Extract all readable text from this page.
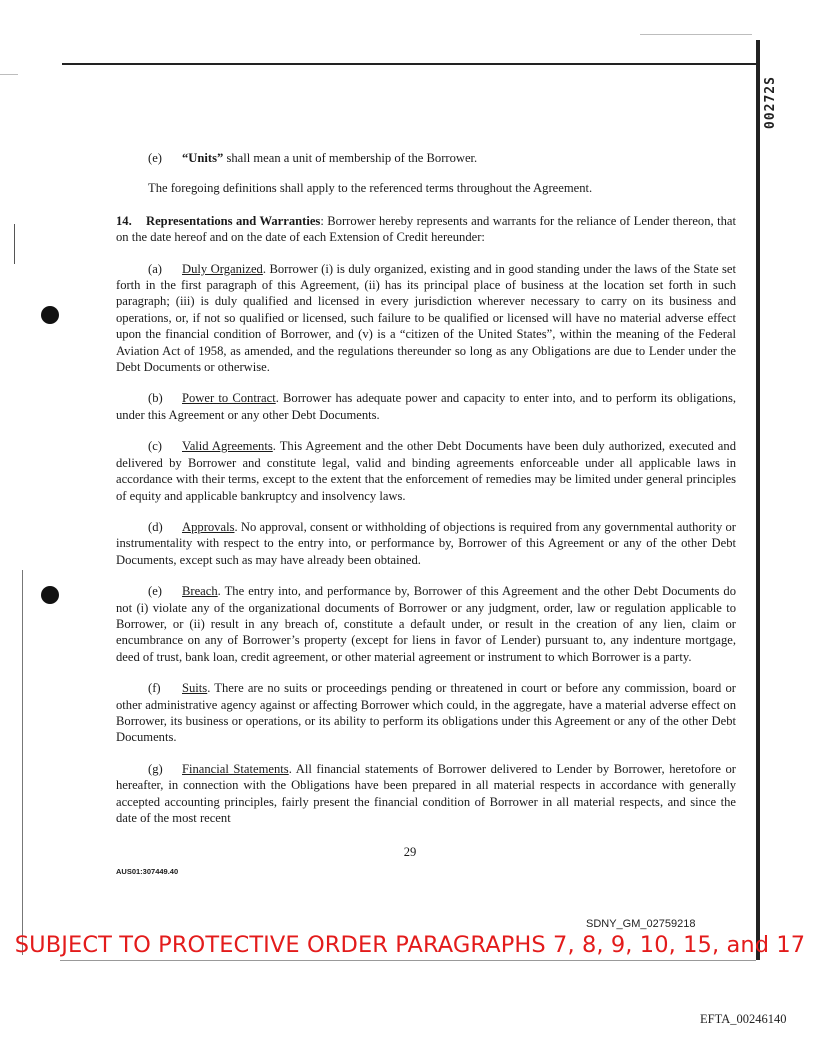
00272S

(e) “Units” shall mean a unit of membership of the Borrower.

The foregoing definitions shall apply to the referenced terms throughout the Agreement.

14. Representations and Warranties: Borrower hereby represents and warrants for the reliance of Lender thereon, that on the date hereof and on the date of each Extension of Credit hereunder:

(a) Duly Organized. Borrower (i) is duly organized, existing and in good standing under the laws of the State set forth in the first paragraph of this Agreement, (ii) has its principal place of business at the location set forth in such paragraph; (iii) is duly qualified and licensed in every jurisdiction wherever necessary to carry on its business and operations, or, if not so qualified or licensed, such failure to be qualified or licensed will have no material adverse effect upon the financial condition of Borrower, and (v) is a “citizen of the United States”, within the meaning of the Federal Aviation Act of 1958, as amended, and the regulations thereunder so long as any Obligations are due to Lender under the Debt Documents or otherwise.

(b) Power to Contract. Borrower has adequate power and capacity to enter into, and to perform its obligations, under this Agreement or any other Debt Documents.

(c) Valid Agreements. This Agreement and the other Debt Documents have been duly authorized, executed and delivered by Borrower and constitute legal, valid and binding agreements enforceable under all applicable laws in accordance with their terms, except to the extent that the enforcement of remedies may be limited under general principles of equity and applicable bankruptcy and insolvency laws.

(d) Approvals. No approval, consent or withholding of objections is required from any governmental authority or instrumentality with respect to the entry into, or performance by, Borrower of this Agreement or any of the other Debt Documents, except such as may have already been obtained.

(e) Breach. The entry into, and performance by, Borrower of this Agreement and the other Debt Documents do not (i) violate any of the organizational documents of Borrower or any judgment, order, law or regulation applicable to Borrower, or (ii) result in any breach of, constitute a default under, or result in the creation of any lien, claim or encumbrance on any of Borrower’s property (except for liens in favor of Lender) pursuant to, any indenture mortgage, deed of trust, bank loan, credit agreement, or other material agreement or instrument to which Borrower is a party.

(f) Suits. There are no suits or proceedings pending or threatened in court or before any commission, board or other administrative agency against or affecting Borrower which could, in the aggregate, have a material adverse effect on Borrower, its business or operations, or its ability to perform its obligations under this Agreement or any of the other Debt Documents.

(g) Financial Statements. All financial statements of Borrower delivered to Lender by Borrower, heretofore or hereafter, in connection with the Obligations have been prepared in all material respects in accordance with generally accepted accounting principles, fairly present the financial condition of Borrower in all material respects, and since the date of the most recent

29
AUS01:307449.40
SDNY_GM_02759218
SUBJECT TO PROTECTIVE ORDER PARAGRAPHS 7, 8, 9, 10, 15, and 17
EFTA_00246140
